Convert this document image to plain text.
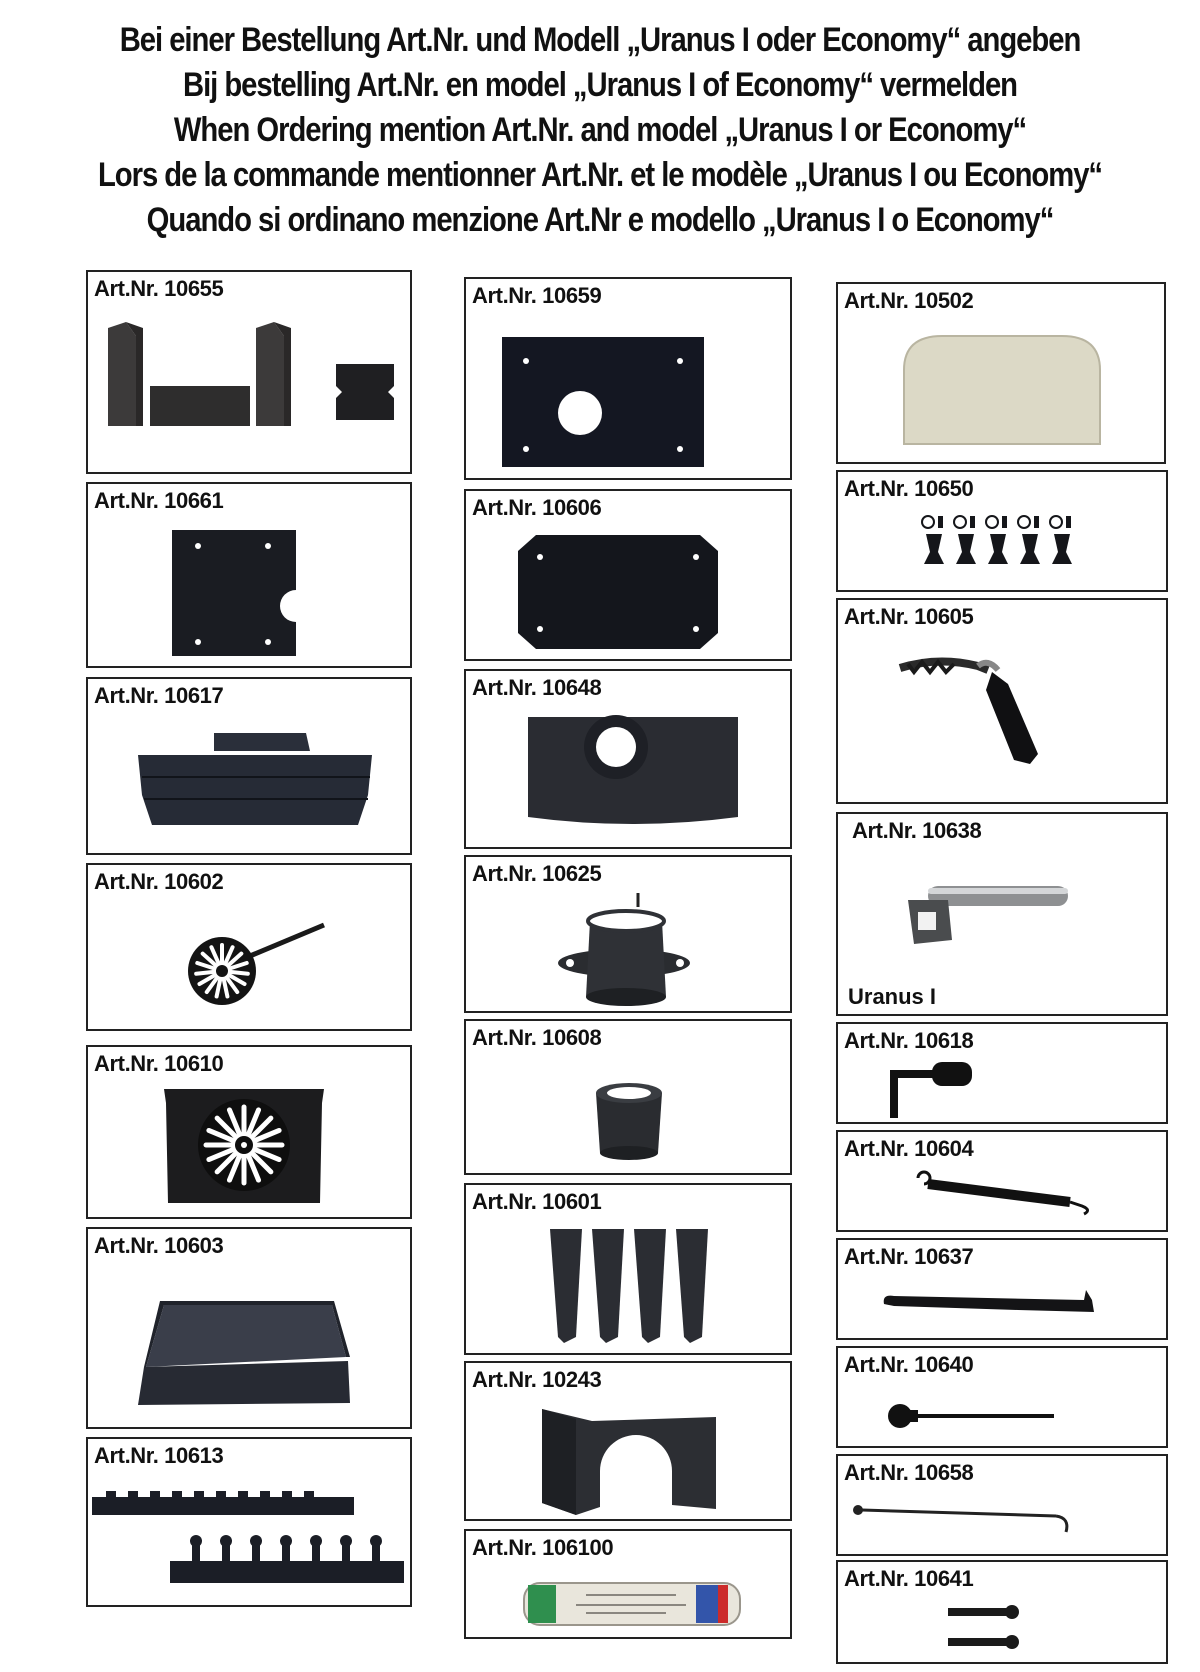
Bei einer Bestellung Art.Nr. und Modell „Uranus I oder Economy“ angeben
Bij bestelling Art.Nr. en model „Uranus I of Economy“ vermelden
When Ordering mention Art.Nr. and model „Uranus I or Economy“
Lors de la commande mentionner Art.Nr. et le modèle „Uranus I ou Economy“
Quando si ordinano menzione Art.Nr e modello „Uranus I o Economy“
Art.Nr. 10655
Art.Nr. 10661
Art.Nr. 10617
Art.Nr. 10602
Art.Nr. 10610
Art.Nr. 10603
Art.Nr. 10613
Art.Nr. 10659
Art.Nr. 10606
Art.Nr. 10648
Art.Nr. 10625
Art.Nr. 10608
Art.Nr. 10601
Art.Nr. 10243
Art.Nr. 106100
Art.Nr. 10502
Art.Nr. 10650
Art.Nr. 10605
Art.Nr. 10638
Uranus I
Art.Nr. 10618
Art.Nr. 10604
Art.Nr. 10637
Art.Nr. 10640
Art.Nr. 10658
Art.Nr. 10641
